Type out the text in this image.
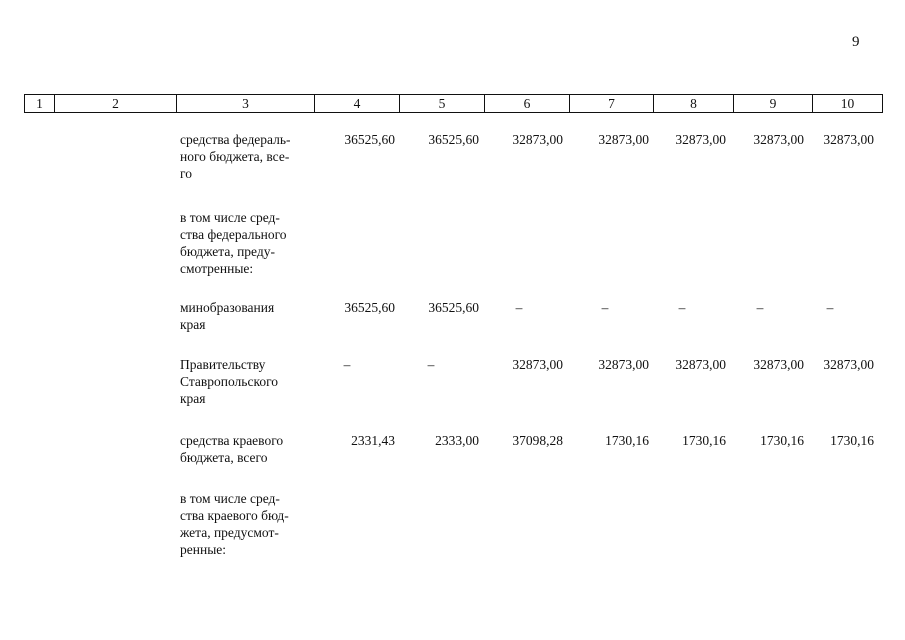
9
1	2	3	4	5	6	7	8	9	10
средства федераль-
ного бюджета, все-
го
36525,60	36525,60	32873,00	32873,00	32873,00	32873,00	32873,00
в том числе сред-
ства федерального
бюджета, преду-
смотренные:
минобразования
края
36525,60	36525,60	–	–	–	–	–
Правительству
Ставропольского
края
–	–	32873,00	32873,00	32873,00	32873,00	32873,00
средства краевого
бюджета, всего
2331,43	2333,00	37098,28	1730,16	1730,16	1730,16	1730,16
в том числе сред-
ства краевого бюд-
жета, предусмот-
ренные:
